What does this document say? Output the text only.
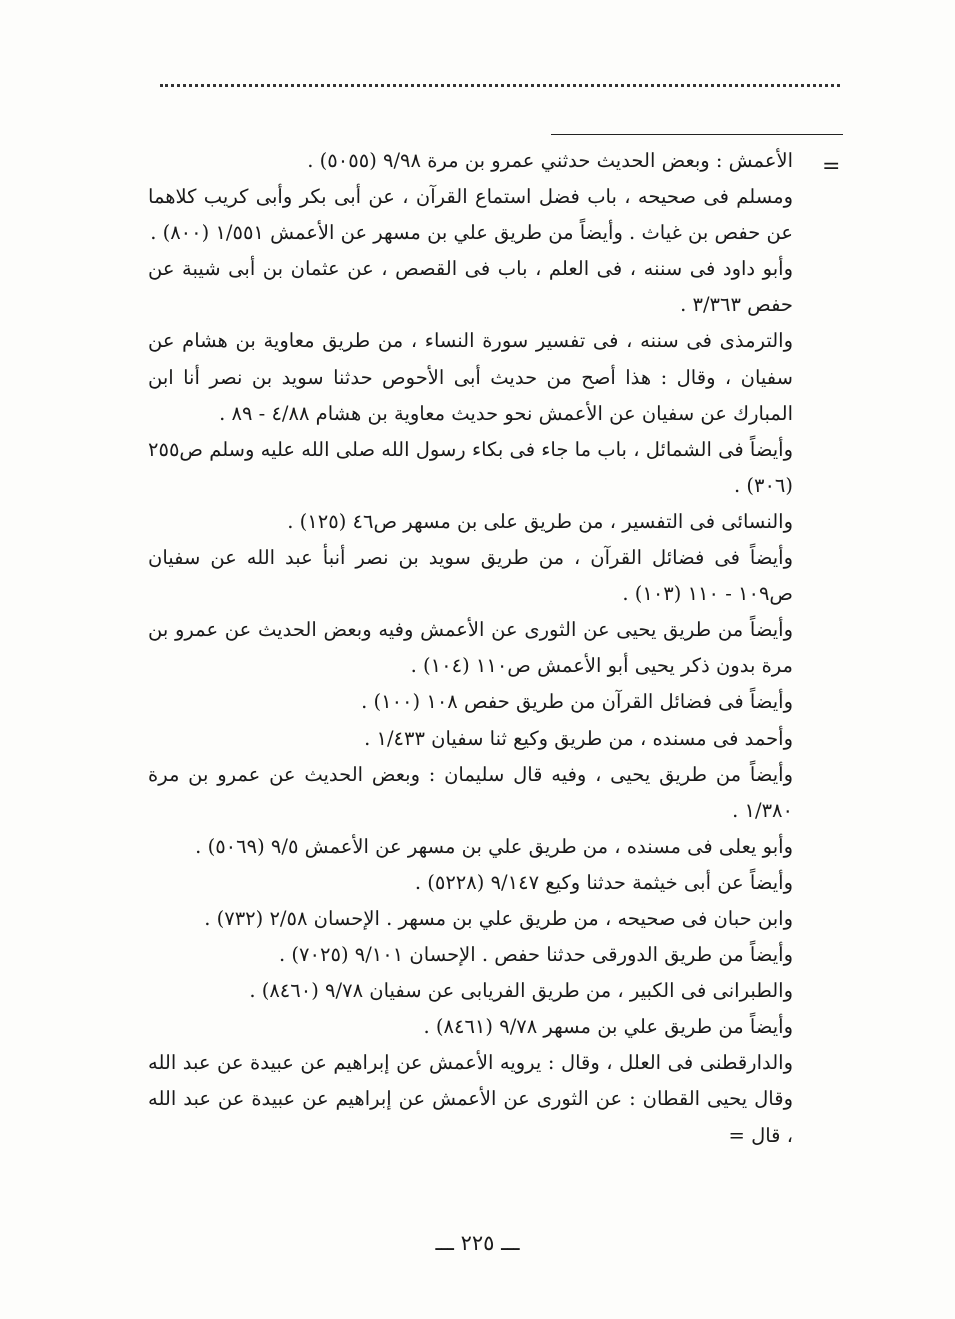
=

الأعمش : وبعض الحديث حدثني عمرو بن مرة ٩/٩٨ (٥٠٥٥) .

ومسلم فى صحيحه ، باب فضل استماع القرآن ، عن أبى بكر وأبى كريب كلاهما عن حفص بن غياث . وأيضاً من طريق علي بن مسهر عن الأعمش ١/٥٥١ (٨٠٠) .

وأبو داود فى سننه ، فى العلم ، باب فى القصص ، عن عثمان بن أبى شيبة عن حفص ٣/٣٦٣ .

والترمذى فى سننه ، فى تفسير سورة النساء ، من طريق معاوية بن هشام عن سفيان ، وقال : هذا أصح من حديث أبى الأحوص حدثنا سويد بن نصر أنا ابن المبارك عن سفيان عن الأعمش نحو حديث معاوية بن هشام ٤/٨٨ - ٨٩ .

وأيضاً فى الشمائل ، باب ما جاء فى بكاء رسول الله صلى الله عليه وسلم ص٢٥٥ (٣٠٦) .

والنسائى فى التفسير ، من طريق على بن مسهر ص٤٦ (١٢٥) .

وأيضاً فى فضائل القرآن ، من طريق سويد بن نصر أنبأ عبد الله عن سفيان ص١٠٩ - ١١٠ (١٠٣) .

وأيضاً من طريق يحيى عن الثورى عن الأعمش وفيه وبعض الحديث عن عمرو بن مرة بدون ذكر يحيى أبو الأعمش ص١١٠ (١٠٤) .

وأيضاً فى فضائل القرآن من طريق حفص ١٠٨ (١٠٠) .

وأحمد فى مسنده ، من طريق وكيع ثنا سفيان ١/٤٣٣ .

وأيضاً من طريق يحيى ، وفيه قال سليمان : وبعض الحديث عن عمرو بن مرة ١/٣٨٠ .

وأبو يعلى فى مسنده ، من طريق علي بن مسهر عن الأعمش ٩/٥ (٥٠٦٩) .

وأيضاً عن أبى خيثمة حدثنا وكيع ٩/١٤٧ (٥٢٢٨) .

وابن حبان فى صحيحه ، من طريق علي بن مسهر . الإحسان ٢/٥٨ (٧٣٢) .

وأيضاً من طريق الدورقى حدثنا حفص . الإحسان ٩/١٠١ (٧٠٢٥) .

والطبرانى فى الكبير ، من طريق الفريابى عن سفيان ٩/٧٨ (٨٤٦٠) .

وأيضاً من طريق علي بن مسهر ٩/٧٨ (٨٤٦١) .

والدارقطنى فى العلل ، وقال : يرويه الأعمش عن إبراهيم عن عبيدة عن عبد الله وقال يحيى القطان : عن الثورى عن الأعمش عن إبراهيم عن عبيدة عن عبد الله ، قال =

ـــ ٢٢٥ ـــ
